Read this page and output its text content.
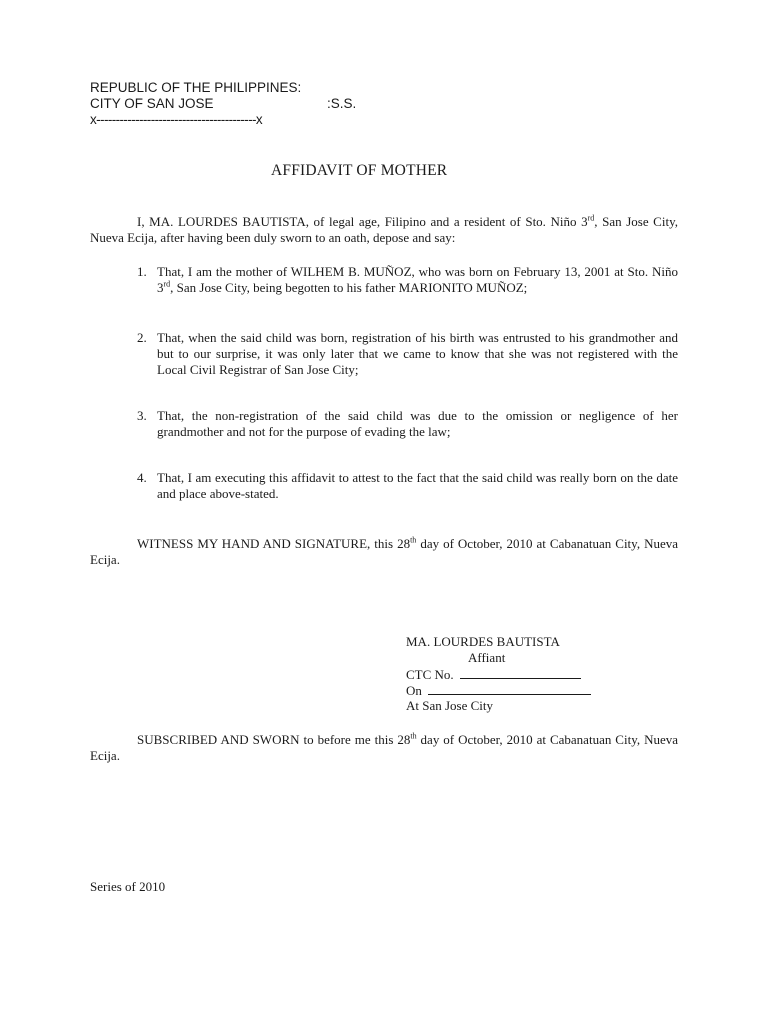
REPUBLIC OF THE PHILIPPINES:
CITY OF SAN JOSE	:S.S.
x-----------------------------------------x
AFFIDAVIT OF MOTHER
I, MA. LOURDES BAUTISTA, of legal age, Filipino and a resident of Sto. Niño 3rd, San Jose City, Nueva Ecija, after having been duly sworn to an oath, depose and say:
1. That, I am the mother of WILHEM B. MUÑOZ, who was born on February 13, 2001 at Sto. Niño 3rd, San Jose City, being begotten to his father MARIONITO MUÑOZ;
2. That, when the said child was born, registration of his birth was entrusted to his grandmother and but to our surprise, it was only later that we came to know that she was not registered with the Local Civil Registrar of San Jose City;
3. That, the non-registration of the said child was due to the omission or negligence of her grandmother and not for the purpose of evading the law;
4. That, I am executing this affidavit to attest to the fact that the said child was really born on the date and place above-stated.
WITNESS MY HAND AND SIGNATURE, this 28th day of October, 2010 at Cabanatuan City, Nueva Ecija.
MA. LOURDES BAUTISTA
Affiant
CTC No.
On
At San Jose City
SUBSCRIBED AND SWORN to before me this 28th day of October, 2010 at Cabanatuan City, Nueva Ecija.
Series of 2010
